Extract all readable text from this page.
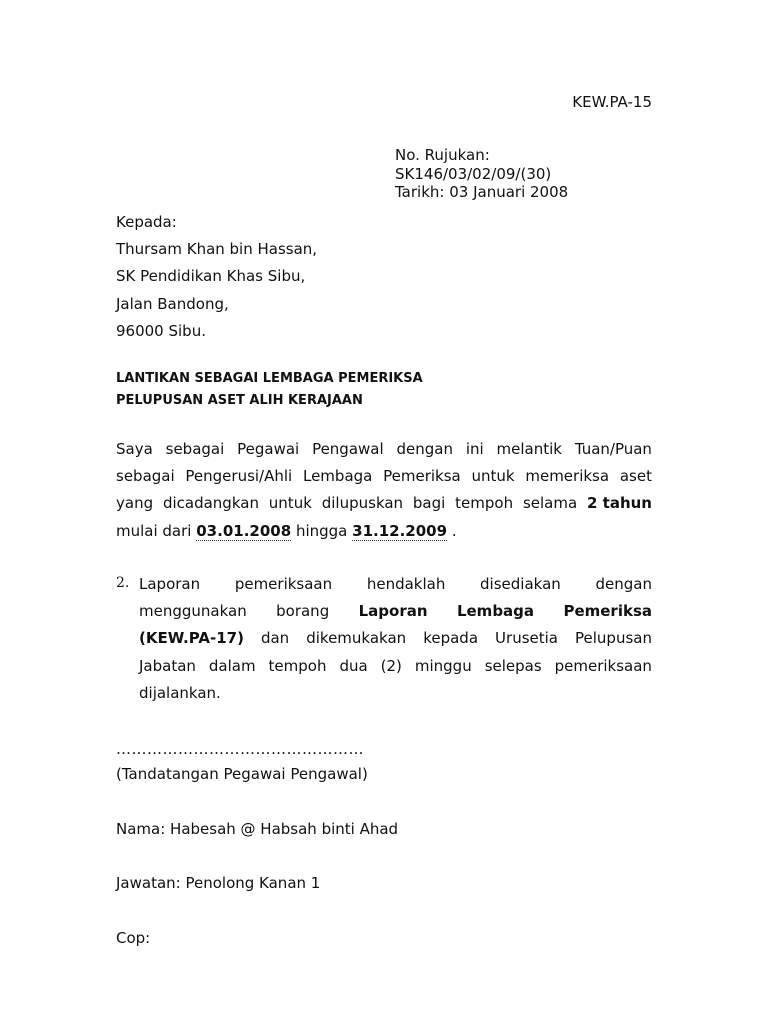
KEW.PA-15
No. Rujukan:
SK146/03/02/09/(30)
Tarikh: 03 Januari 2008
Kepada:
Thursam Khan bin Hassan,
SK Pendidikan Khas Sibu,
Jalan Bandong,
96000 Sibu.
LANTIKAN SEBAGAI LEMBAGA PEMERIKSA
PELUPUSAN ASET ALIH KERAJAAN
Saya sebagai Pegawai Pengawal dengan ini melantik Tuan/Puan
sebagai Pengerusi/Ahli Lembaga Pemeriksa untuk memeriksa aset
yang dicadangkan untuk dilupuskan bagi tempoh selama 2 tahun
mulai dari 03.01.2008 hingga 31.12.2009 .
2. Laporan pemeriksaan hendaklah disediakan dengan
menggunakan borang Laporan Lembaga Pemeriksa
(KEW.PA-17) dan dikemukakan kepada Urusetia Pelupusan
Jabatan dalam tempoh dua (2) minggu selepas pemeriksaan
dijalankan.
…………………………………………
(Tandatangan Pegawai Pengawal)
Nama: Habesah @ Habsah binti Ahad
Jawatan: Penolong Kanan 1
Cop:
